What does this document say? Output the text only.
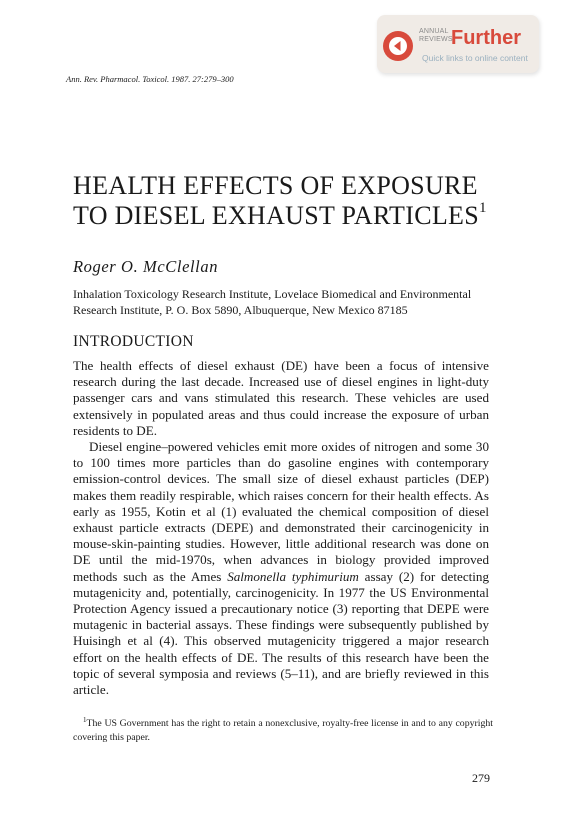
ANNUAL
REVIEWS
Further
Quick links to online content
Ann. Rev. Pharmacol. Toxicol. 1987. 27:279–300
HEALTH EFFECTS OF EXPOSURE
TO DIESEL EXHAUST PARTICLES$^1$
Roger O. McClellan
Inhalation Toxicology Research Institute, Lovelace Biomedical and Environmental
Research Institute, P. O. Box 5890, Albuquerque, New Mexico 87185
INTRODUCTION

The health effects of diesel exhaust (DE) have been a focus of intensive research during the last decade. Increased use of diesel engines in light-duty passenger cars and vans stimulated this research. These vehicles are used extensively in populated areas and thus could increase the exposure of urban residents to DE.

Diesel engine–powered vehicles emit more oxides of nitrogen and some 30 to 100 times more particles than do gasoline engines with contemporary emission-control devices. The small size of diesel exhaust particles (DEP) makes them readily respirable, which raises concern for their health effects. As early as 1955, Kotin et al (1) evaluated the chemical composition of diesel exhaust particle extracts (DEPE) and demonstrated their carcinogenicity in mouse-skin-painting studies. However, little additional research was done on DE until the mid-1970s, when advances in biology provided improved methods such as the Ames Salmonella typhimurium assay (2) for detecting mutagenicity and, potentially, carcinogenicity. In 1977 the US Environmental Protection Agency issued a precautionary notice (3) reporting that DEPE were mutagenic in bacterial assays. These findings were subsequently published by Huisingh et al (4). This observed mutagenicity triggered a major research effort on the health effects of DE. The results of this research have been the topic of several symposia and reviews (5–11), and are briefly reviewed in this article.

$^1$The US Government has the right to retain a nonexclusive, royalty-free license in and to any copyright covering this paper.
279
